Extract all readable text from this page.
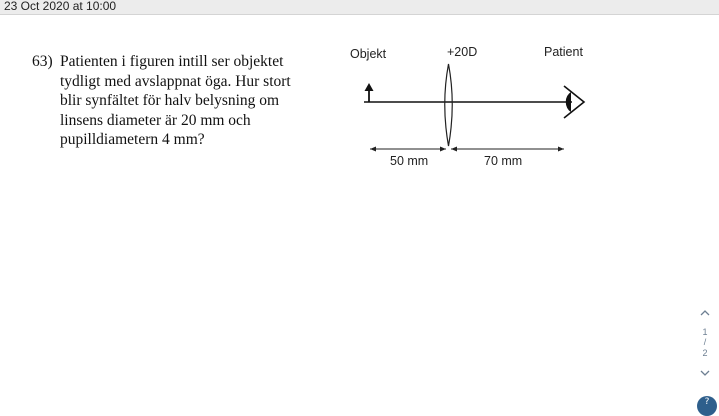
23 Oct 2020 at 10:00
63) Patienten i figuren intill ser objektet
tydligt med avslappnat öga. Hur stort
blir synfältet för halv belysning om
linsens diameter är 20 mm och
pupilldiametern 4 mm?
Objekt	+20D	Patient
50 mm	70 mm
1
/
2
?
